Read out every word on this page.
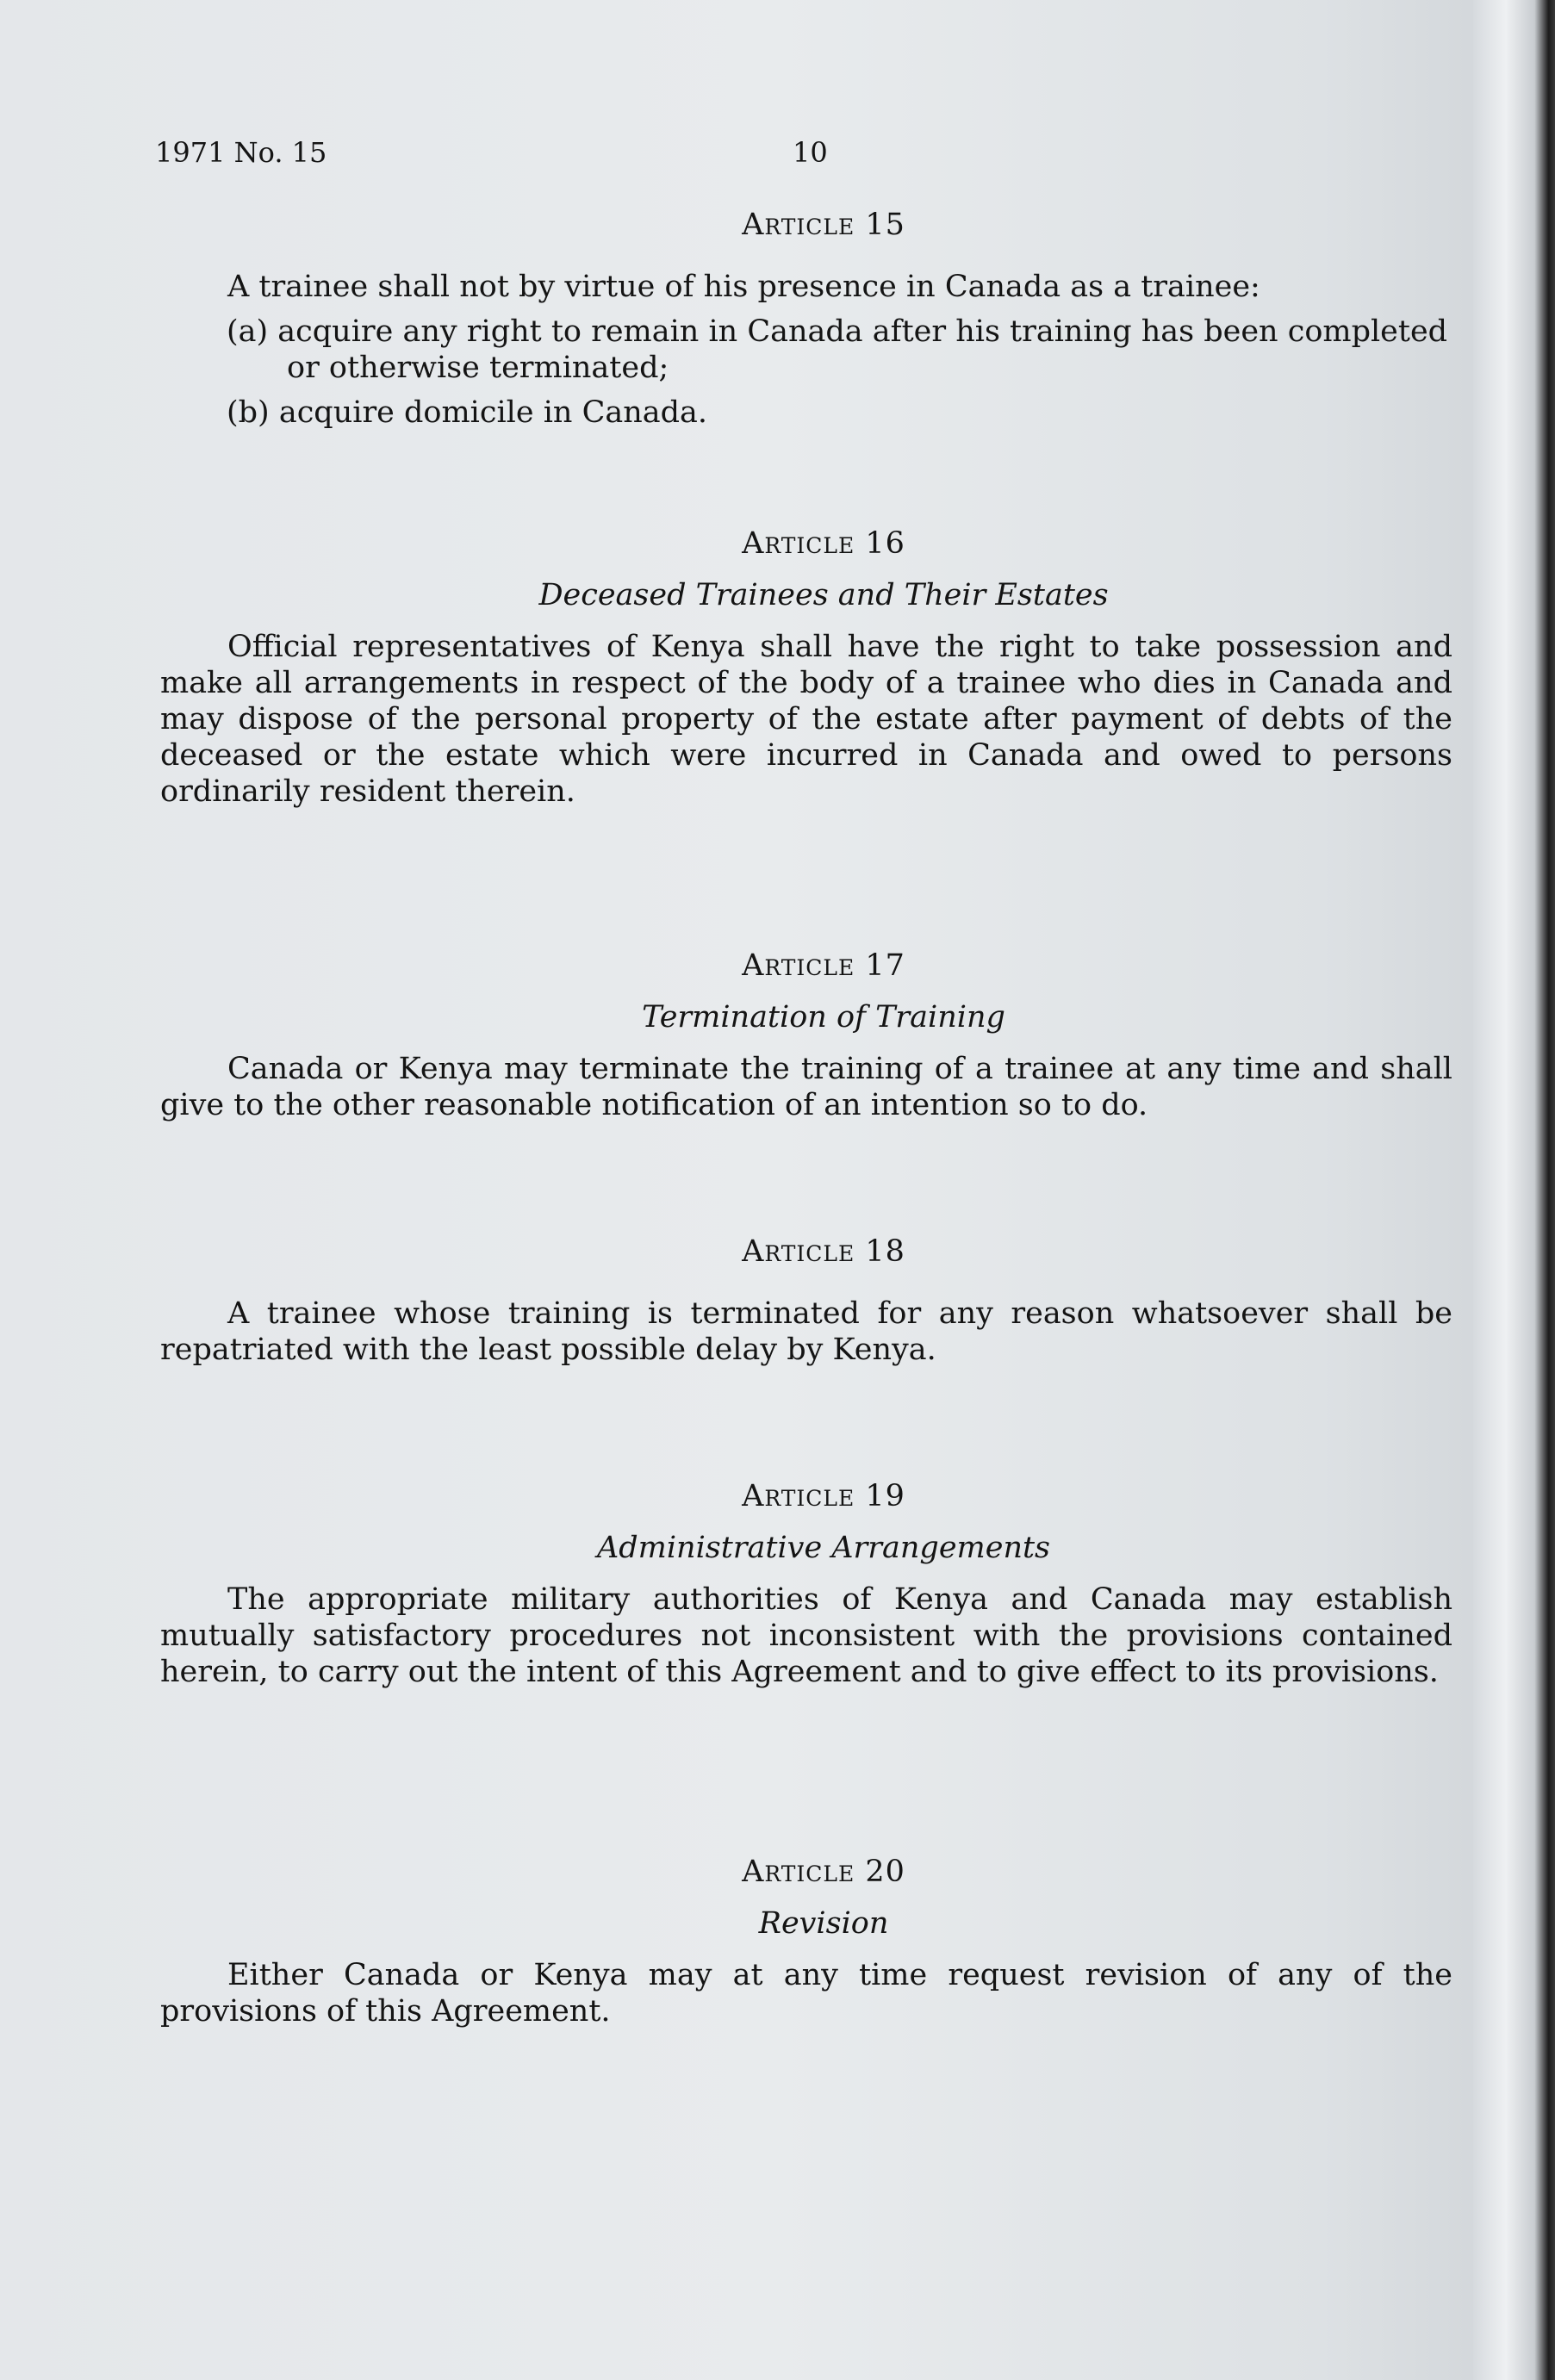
1971 No. 15	10
Article 15

A trainee shall not by virtue of his presence in Canada as a trainee:

(a) acquire any right to remain in Canada after his training has been completed or otherwise terminated;

(b) acquire domicile in Canada.

Article 16

Deceased Trainees and Their Estates

Official representatives of Kenya shall have the right to take possession and make all arrangements in respect of the body of a trainee who dies in Canada and may dispose of the personal property of the estate after payment of debts of the deceased or the estate which were incurred in Canada and owed to persons ordinarily resident therein.

Article 17

Termination of Training

Canada or Kenya may terminate the training of a trainee at any time and shall give to the other reasonable notification of an intention so to do.

Article 18

A trainee whose training is terminated for any reason whatsoever shall be repatriated with the least possible delay by Kenya.

Article 19

Administrative Arrangements

The appropriate military authorities of Kenya and Canada may establish mutually satisfactory procedures not inconsistent with the provisions contained herein, to carry out the intent of this Agreement and to give effect to its provisions.

Article 20

Revision

Either Canada or Kenya may at any time request revision of any of the provisions of this Agreement.
